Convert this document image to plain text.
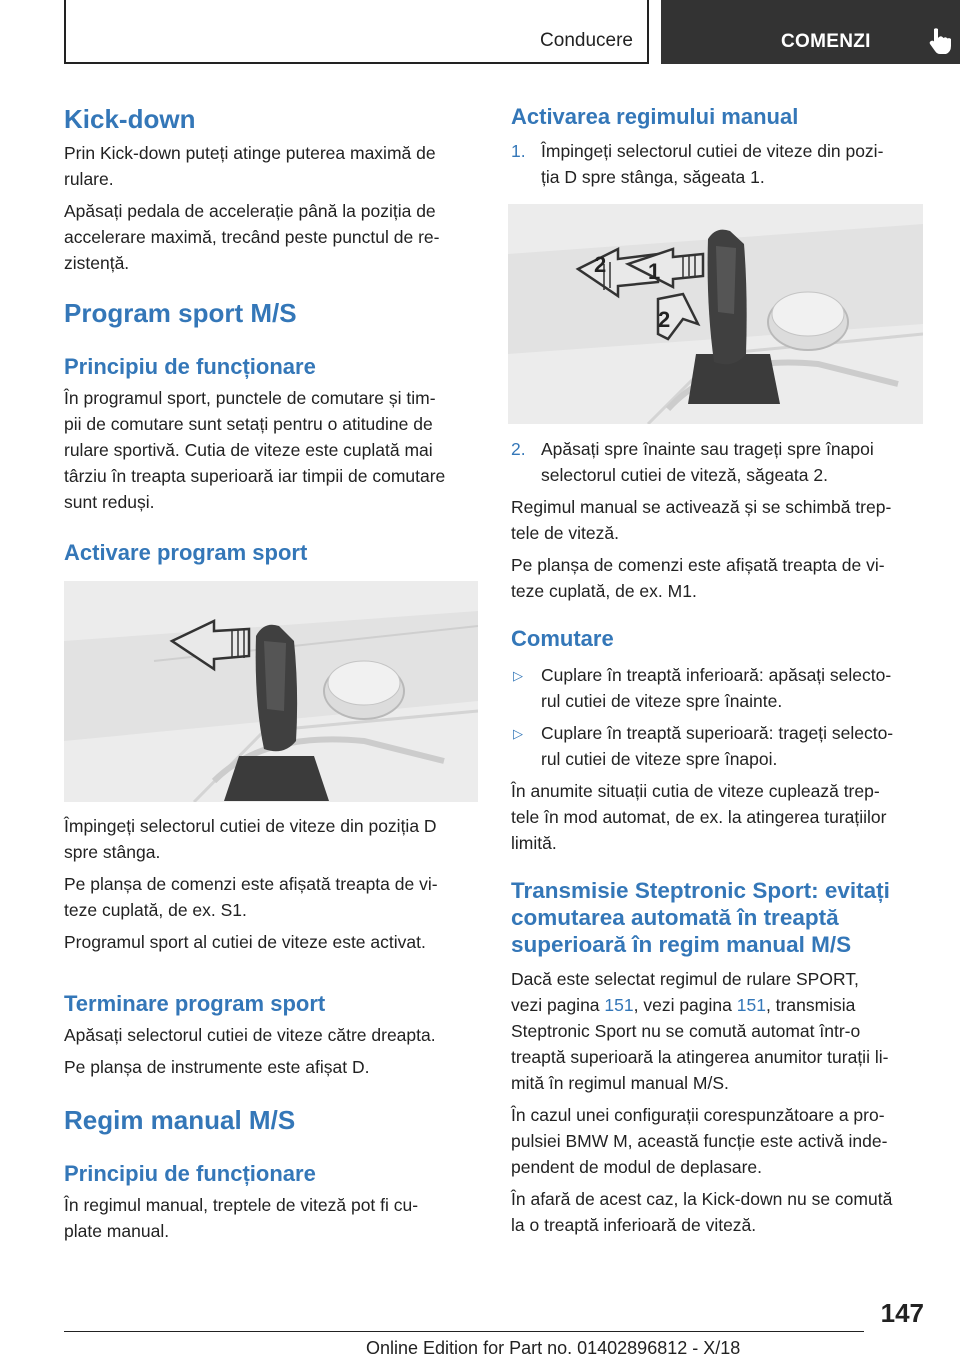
Conducere	COMENZI
Kick-down
Prin Kick-down puteți atinge puterea maximă de
rulare.
Apăsați pedala de accelerație până la poziția de
accelerare maximă, trecând peste punctul de re-
zistență.
Program sport M/S
Principiu de funcționare
În programul sport, punctele de comutare și tim-
pii de comutare sunt setați pentru o atitudine de
rulare sportivă. Cutia de viteze este cuplată mai
târziu în treapta superioară iar timpii de comutare
sunt reduși.
Activare program sport
Împingeți selectorul cutiei de viteze din poziția D
spre stânga.
Pe planșa de comenzi este afișată treapta de vi-
teze cuplată, de ex. S1.
Programul sport al cutiei de viteze este activat.
Terminare program sport
Apăsați selectorul cutiei de viteze către dreapta.
Pe planșa de instrumente este afișat D.
Regim manual M/S
Principiu de funcționare
În regimul manual, treptele de viteză pot fi cu-
plate manual.
Activarea regimului manual
1. Împingeți selectorul cutiei de viteze din pozi-
ția D spre stânga, săgeata 1.
2 1
2
2. Apăsați spre înainte sau trageți spre înapoi
selectorul cutiei de viteză, săgeata 2.
Regimul manual se activează și se schimbă trep-
tele de viteză.
Pe planșa de comenzi este afișată treapta de vi-
teze cuplată, de ex. M1.
Comutare
▷ Cuplare în treaptă inferioară: apăsați selecto-
rul cutiei de viteze spre înainte.
▷ Cuplare în treaptă superioară: trageți selecto-
rul cutiei de viteze spre înapoi.
În anumite situații cutia de viteze cuplează trep-
tele în mod automat, de ex. la atingerea turațiilor
limită.
Transmisie Steptronic Sport: evitați
comutarea automată în treaptă
superioară în regim manual M/S
Dacă este selectat regimul de rulare SPORT,
vezi pagina 151, vezi pagina 151, transmisia
Steptronic Sport nu se comută automat într-o
treaptă superioară la atingerea anumitor turații li-
mită în regimul manual M/S.
În cazul unei configurații corespunzătoare a pro-
pulsiei BMW M, această funcție este activă inde-
pendent de modul de deplasare.
În afară de acest caz, la Kick-down nu se comută
la o treaptă inferioară de viteză.
147
Online Edition for Part no. 01402896812 - X/18
